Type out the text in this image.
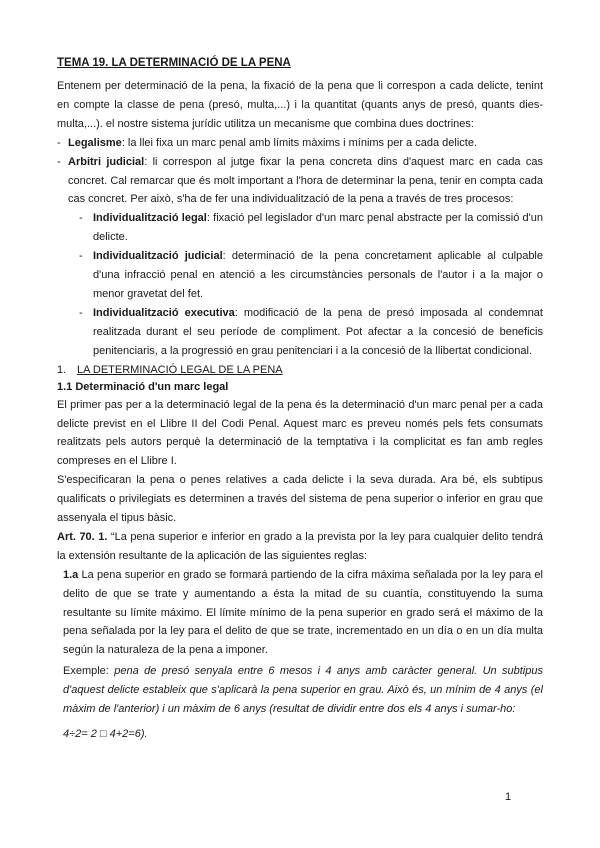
TEMA 19. LA DETERMINACIÓ DE LA PENA

Entenem per determinació de la pena, la fixació de la pena que li correspon a cada delicte, tenint en compte la classe de pena (presó, multa,...) i la quantitat (quants anys de presó, quants dies-multa,...). el nostre sistema jurídic utilitza un mecanisme que combina dues doctrines:

- Legalisme: la llei fixa un marc penal amb límits màxims i mínims per a cada delicte.

- Arbitri judicial: li correspon al jutge fixar la pena concreta dins d'aquest marc en cada cas concret. Cal remarcar que és molt important a l'hora de determinar la pena, tenir en compta cada cas concret. Per això, s'ha de fer una individualització de la pena a través de tres procesos:

- Individualització legal: fixació pel legislador d'un marc penal abstracte per la comissió d'un delicte.

- Individualització judicial: determinació de la pena concretament aplicable al culpable d'una infracció penal en atenció a les circumstàncies personals de l'autor i a la major o menor gravetat del fet.

- Individualització executiva: modificació de la pena de presó imposada al condemnat realitzada durant el seu període de compliment. Pot afectar a la concesió de beneficis penitenciaris, a la progressió en grau penitenciari i a la concesió de la llibertat condicional.

1. LA DETERMINACIÓ LEGAL DE LA PENA

1.1 Determinació d'un marc legal

El primer pas per a la determinació legal de la pena és la determinació d'un marc penal per a cada delicte previst en el Llibre II del Codi Penal. Aquest marc es preveu només pels fets consumats realitzats pels autors perquè la determinació de la temptativa i la complicitat es fan amb regles compreses en el Llibre I.

S'especificaran la pena o penes relatives a cada delicte i la seva durada. Ara bé, els subtipus qualificats o privilegiats es determinen a través del sistema de pena superior o inferior en grau que assenyala el tipus bàsic.

Art. 70. 1. “La pena superior e inferior en grado a la prevista por la ley para cualquier delito tendrá la extensión resultante de la aplicación de las siguientes reglas:

1.a La pena superior en grado se formará partiendo de la cifra máxima señalada por la ley para el delito de que se trate y aumentando a ésta la mitad de su cuantía, constituyendo la suma resultante su límite máximo. El límite mínimo de la pena superior en grado será el máximo de la pena señalada por la ley para el delito de que se trate, incrementado en un día o en un día multa según la naturaleza de la pena a imponer.

Exemple: pena de presó senyala entre 6 mesos i 4 anys amb caràcter general. Un subtipus d'aquest delicte estableix que s'aplicarà la pena superior en grau. Això és, un mínim de 4 anys (el màxim de l'anterior) i un màxim de 6 anys (resultat de dividir entre dos els 4 anys i sumar-ho:

4÷2= 2 □ 4+2=6).

1
